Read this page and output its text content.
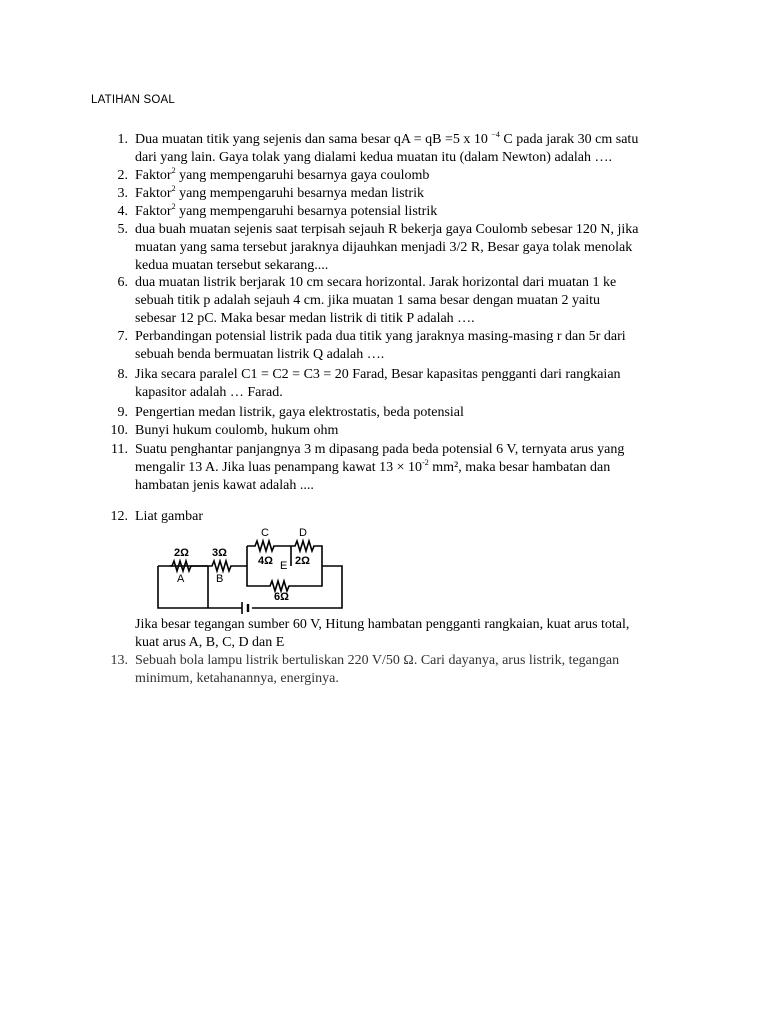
LATIHAN SOAL
1. Dua muatan titik yang sejenis dan sama besar qA = qB =5 x 10 $^{-4}$ C pada jarak 30 cm satu
dari yang lain. Gaya tolak yang dialami kedua muatan itu (dalam Newton) adalah ….
2. Faktor$^2$ yang mempengaruhi besarnya gaya coulomb
3. Faktor$^2$ yang mempengaruhi besarnya medan listrik
4. Faktor$^2$ yang mempengaruhi besarnya potensial listrik
5. dua buah muatan sejenis saat terpisah sejauh R bekerja gaya Coulomb sebesar 120 N, jika
muatan yang sama tersebut jaraknya dijauhkan menjadi 3/2 R, Besar gaya tolak menolak
kedua muatan tersebut sekarang....
6. dua muatan listrik berjarak 10 cm secara horizontal. Jarak horizontal dari muatan 1 ke
sebuah titik p adalah sejauh 4 cm. jika muatan 1 sama besar dengan muatan 2 yaitu
sebesar 12 pC. Maka besar medan listrik di titik P adalah ….
7. Perbandingan potensial listrik pada dua titik yang jaraknya masing-masing r dan 5r dari
sebuah benda bermuatan listrik Q adalah ….
8. Jika secara paralel C1 = C2 = C3 = 20 Farad, Besar kapasitas pengganti dari rangkaian
kapasitor adalah … Farad.
9. Pengertian medan listrik, gaya elektrostatis, beda potensial
10. Bunyi hukum coulomb, hukum ohm
11. Suatu penghantar panjangnya 3 m dipasang pada beda potensial 6 V, ternyata arus yang
mengalir 13 A. Jika luas penampang kawat $13 \times 10^{-2}$ mm², maka besar hambatan dan
hambatan jenis kawat adalah ....
12. Liat gambar
2Ω 3Ω
4Ω 2Ω
6Ω
A	B
C	D
E
Jika besar tegangan sumber 60 V, Hitung hambatan pengganti rangkaian, kuat arus total,
kuat arus A, B, C, D dan E
13. Sebuah bola lampu listrik bertuliskan 220 V/50 Ω. Cari dayanya, arus listrik, tegangan
minimum, ketahanannya, energinya.
